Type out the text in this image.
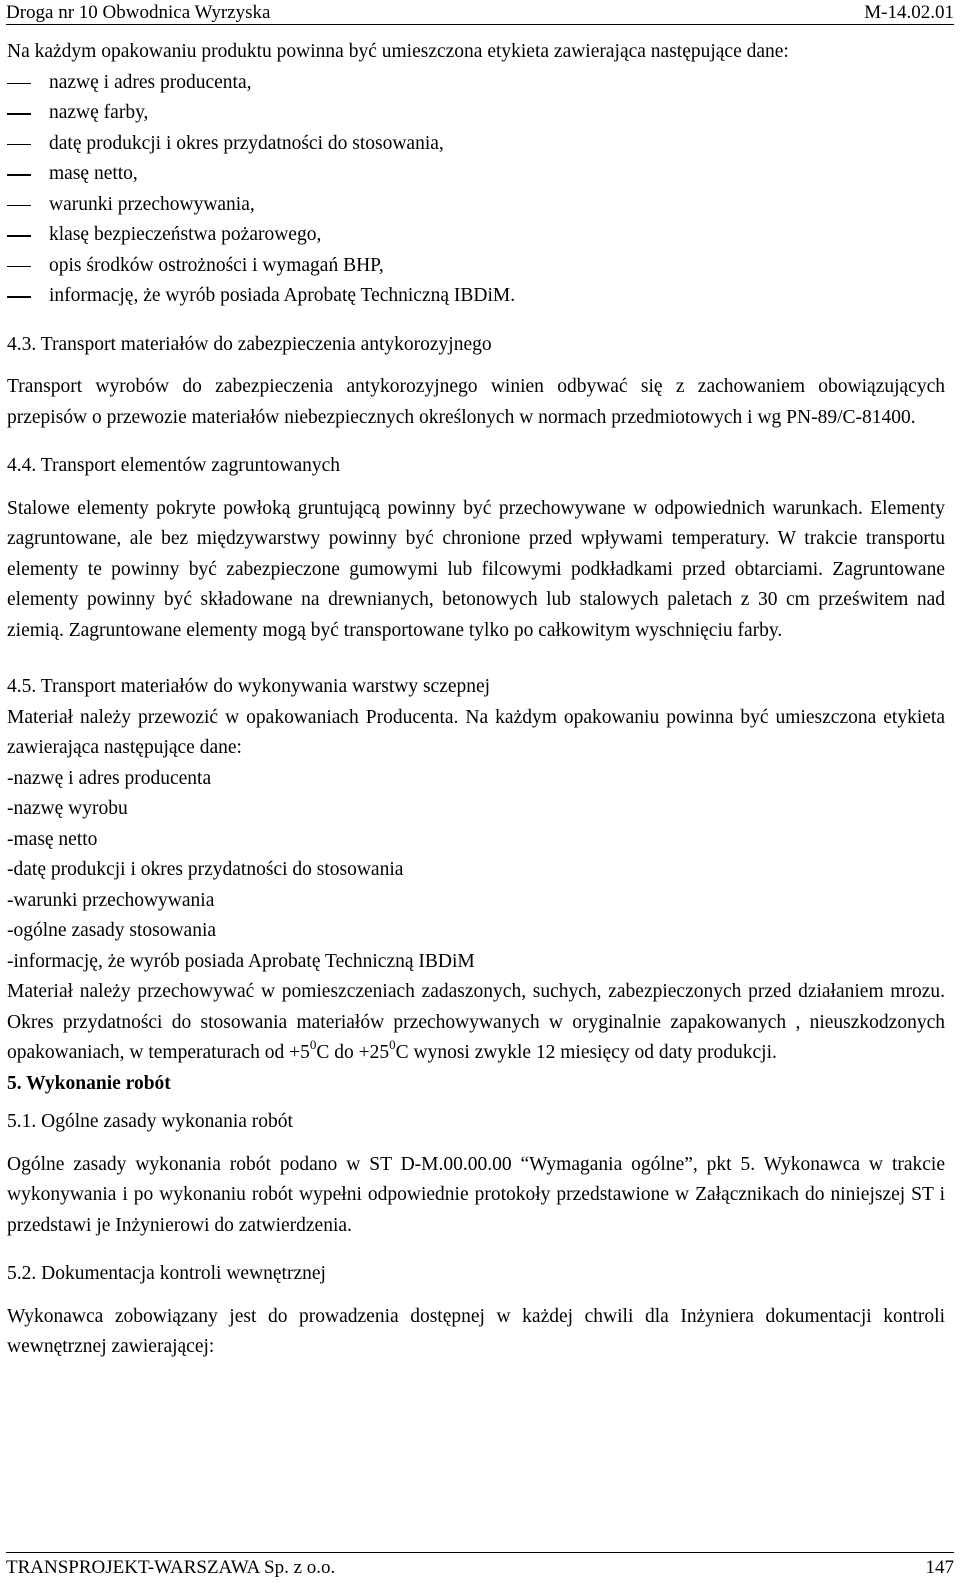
Droga nr 10 Obwodnica Wyrzyska	M-14.02.01

Na każdym opakowaniu produktu powinna być umieszczona etykieta zawierająca następujące dane:

nazwę i adres producenta,
nazwę farby,
datę produkcji i okres przydatności do stosowania,
masę netto,
warunki przechowywania,
klasę bezpieczeństwa pożarowego,
opis środków ostrożności i wymagań BHP,
informację, że wyrób posiada Aprobatę Techniczną IBDiM.

4.3. Transport materiałów do zabezpieczenia antykorozyjnego

Transport wyrobów do zabezpieczenia antykorozyjnego winien odbywać się z zachowaniem obowiązujących przepisów o przewozie materiałów niebezpiecznych określonych w normach przedmiotowych i wg PN-89/C-81400.

4.4. Transport elementów zagruntowanych

Stalowe elementy pokryte powłoką gruntującą powinny być przechowywane w odpowiednich warunkach. Elementy zagruntowane, ale bez międzywarstwy powinny być chronione przed wpływami temperatury. W trakcie transportu elementy te powinny być zabezpieczone gumowymi lub filcowymi podkładkami przed obtarciami. Zagruntowane elementy powinny być składowane na drewnianych, betonowych lub stalowych paletach z 30 cm prześwitem nad ziemią. Zagruntowane elementy mogą być transportowane tylko po całkowitym wyschnięciu farby.

4.5. Transport materiałów do wykonywania warstwy sczepnej

Materiał należy przewozić w opakowaniach Producenta. Na każdym opakowaniu powinna być umieszczona etykieta zawierająca następujące dane:

-nazwę i adres producenta
-nazwę wyrobu
-masę netto
-datę produkcji i okres przydatności do stosowania
-warunki przechowywania
-ogólne zasady stosowania
-informację, że wyrób posiada Aprobatę Techniczną IBDiM

Materiał należy przechowywać w pomieszczeniach zadaszonych, suchych, zabezpieczonych przed działaniem mrozu. Okres przydatności do stosowania materiałów przechowywanych w oryginalnie zapakowanych , nieuszkodzonych opakowaniach, w temperaturach od $+5^0C$ do $+25^0C$ wynosi zwykle 12 miesięcy od daty produkcji.

5. Wykonanie robót

5.1. Ogólne zasady wykonania robót

Ogólne zasady wykonania robót podano w ST D-M.00.00.00 “Wymagania ogólne”, pkt 5. Wykonawca w trakcie wykonywania i po wykonaniu robót wypełni odpowiednie protokoły przedstawione w Załącznikach do niniejszej ST i przedstawi je Inżynierowi do zatwierdzenia.

5.2. Dokumentacja kontroli wewnętrznej

Wykonawca zobowiązany jest do prowadzenia dostępnej w każdej chwili dla Inżyniera dokumentacji kontroli wewnętrznej zawierającej:

TRANSPROJEKT-WARSZAWA Sp. z o.o.	147
